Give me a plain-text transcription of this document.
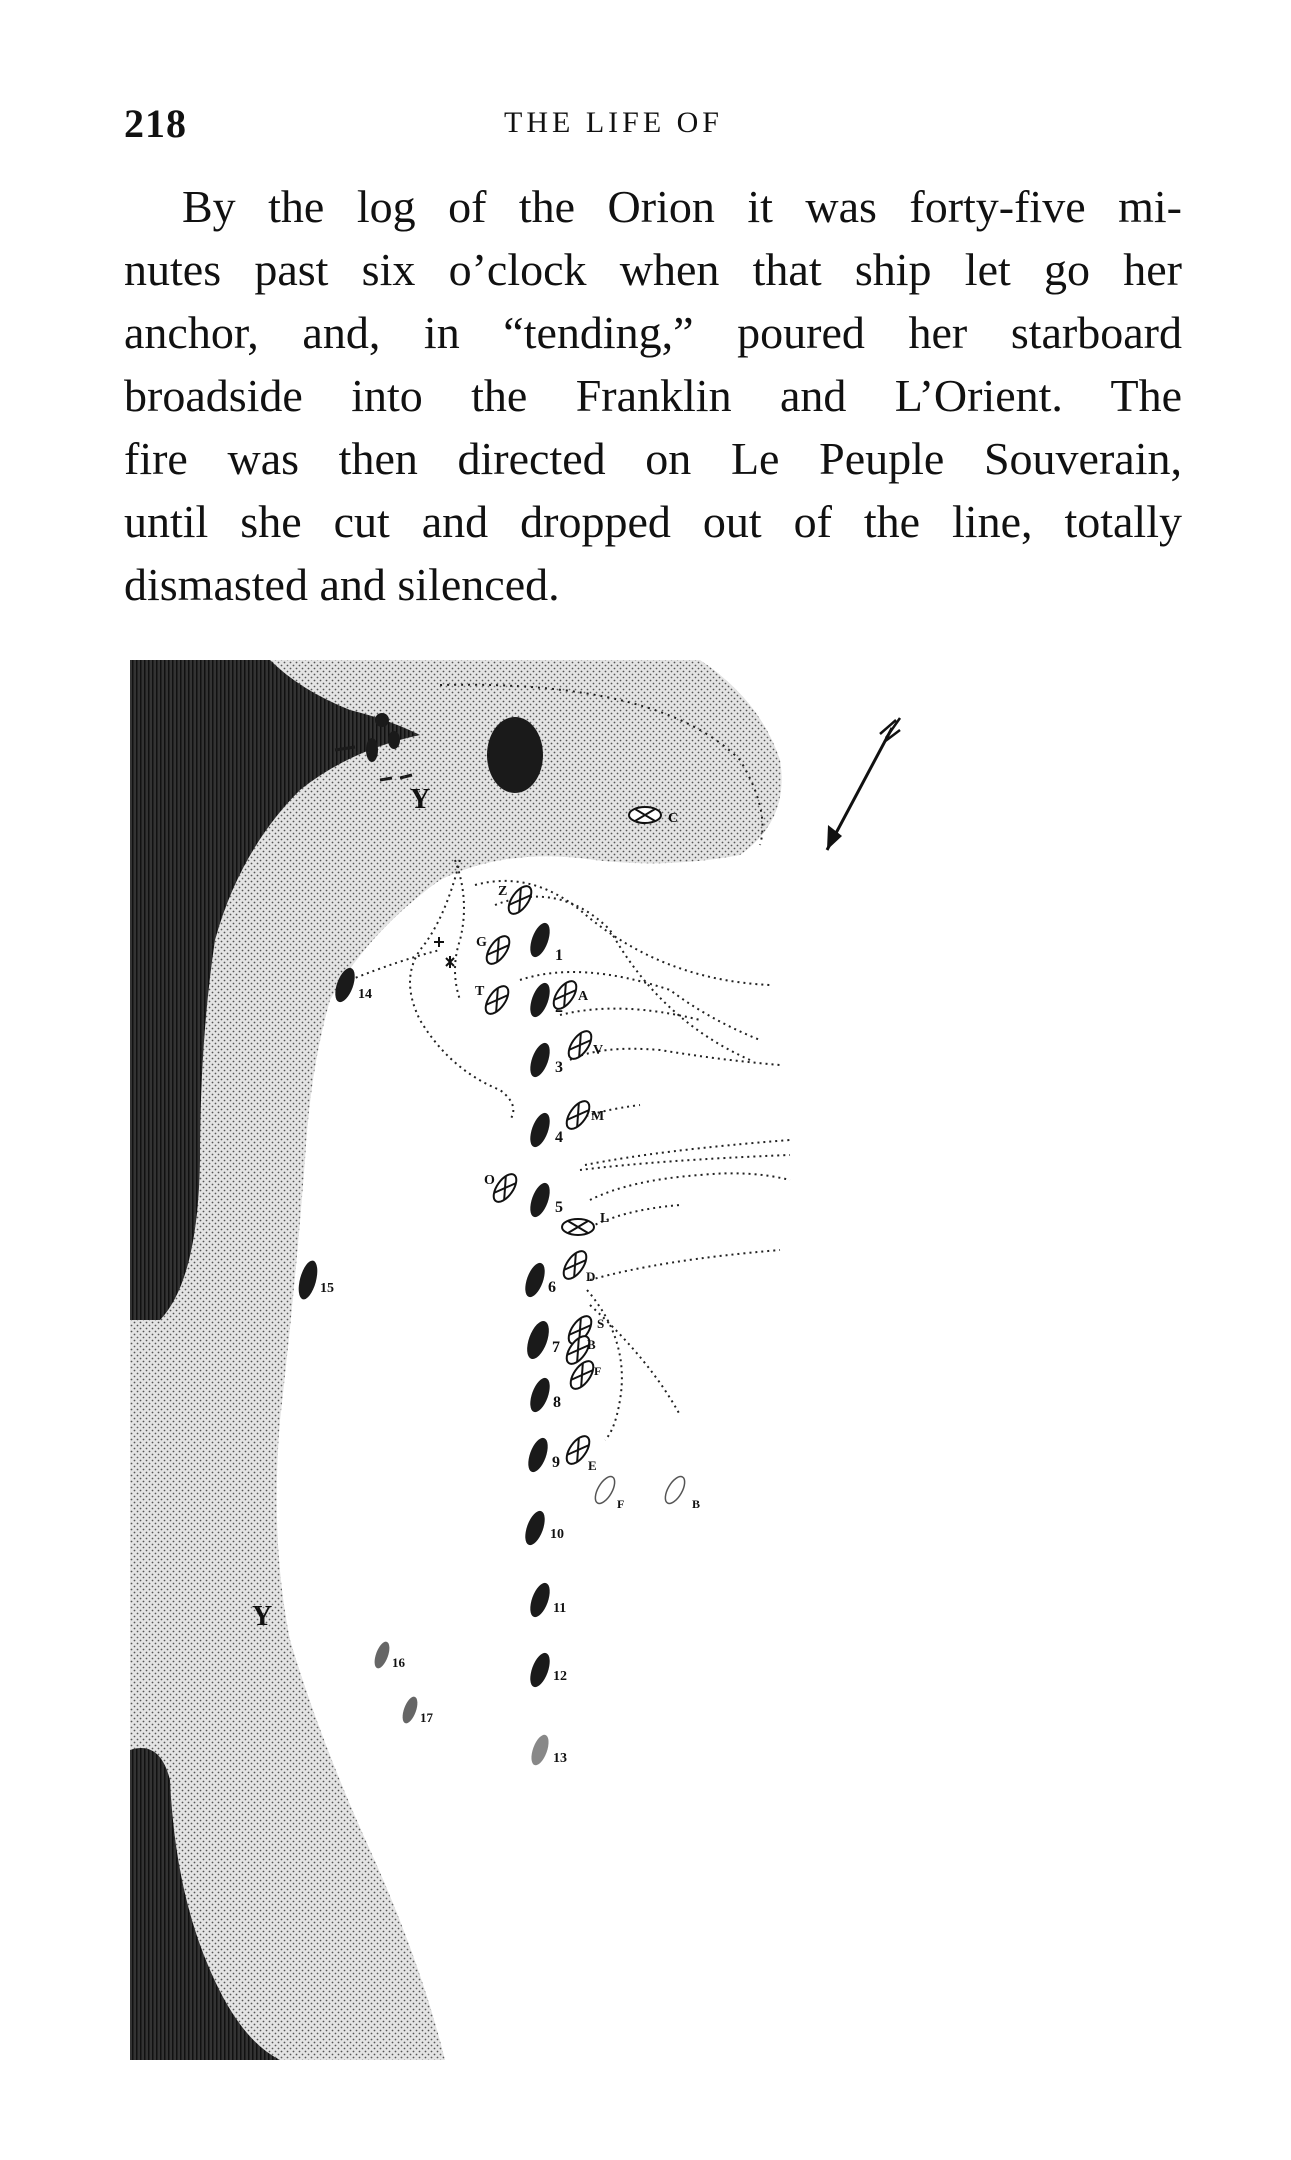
218	THE LIFE OF
By the log of the Orion it was forty-five mi-
nutes past six o’clock when that ship let go her
anchor, and, in “tending,” poured her starboard
broadside into the Franklin and L’Orient. The
fire was then directed on Le Peuple Souverain,
until she cut and dropped out of the line, totally
dismasted and silenced.
1
3
4
5
6
7
8
9
10
11
12
13
14
15
16
17
Z
G
T	A
V
M
O
L
D
S
B
F
E
C
F	B
Y
Y
